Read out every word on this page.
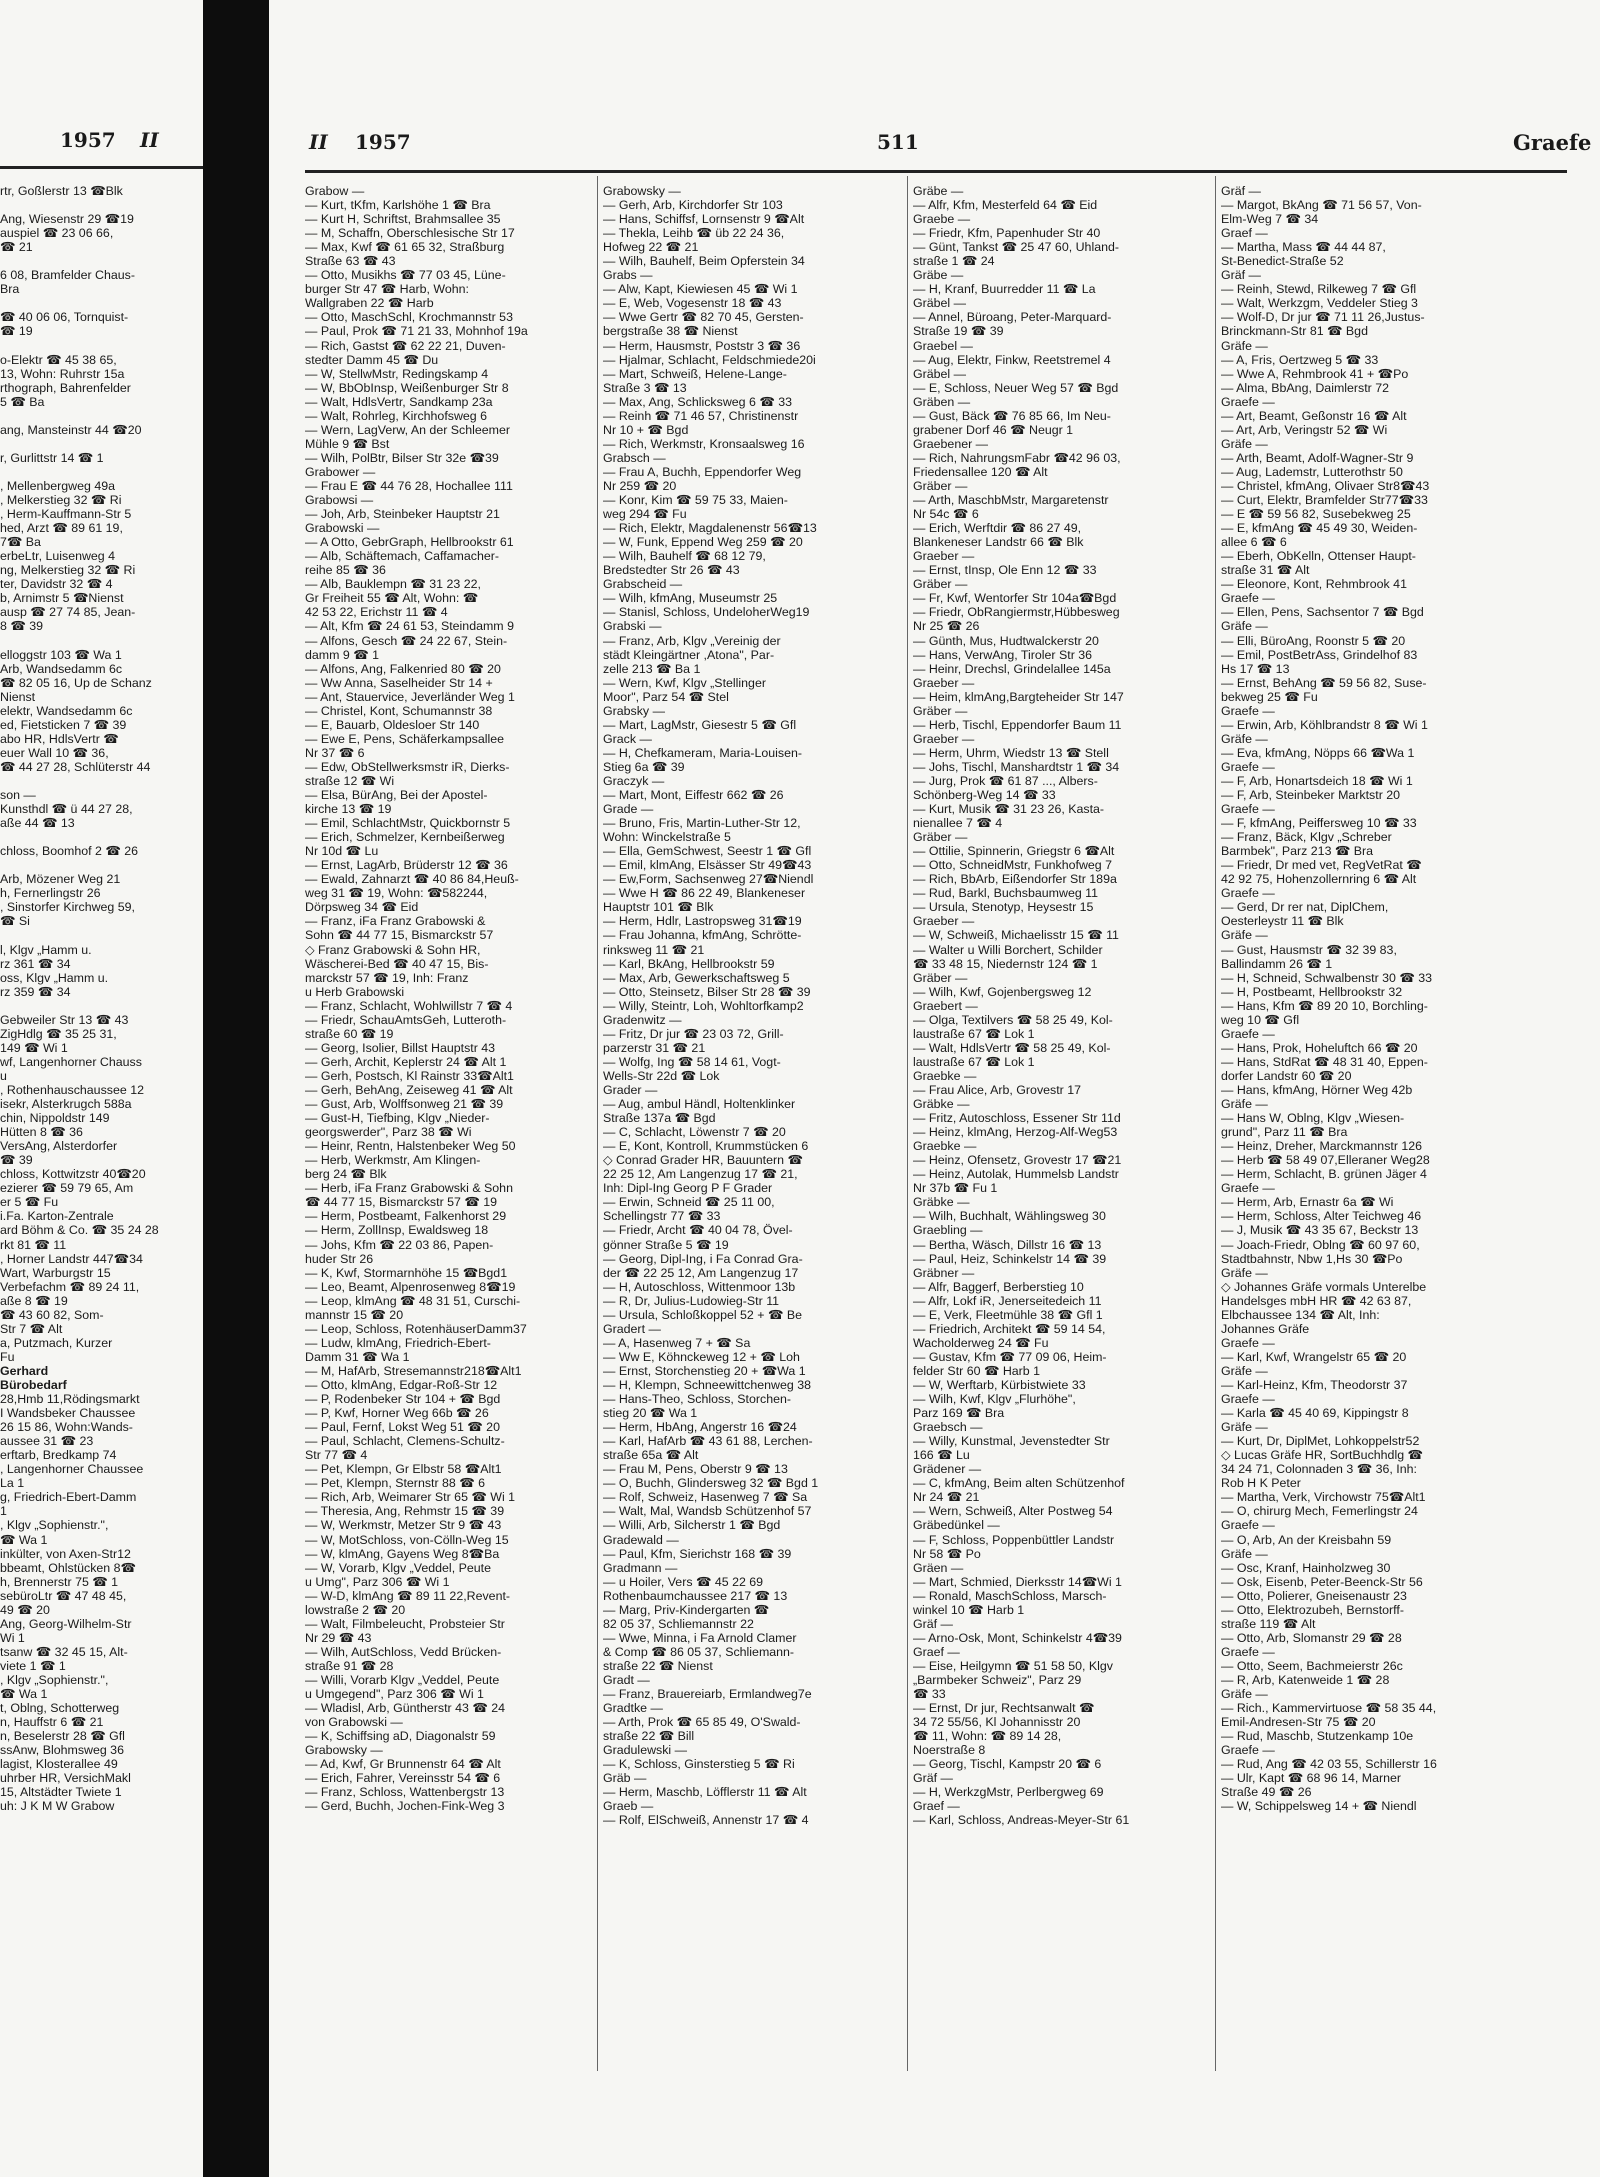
1957 II
rtr, Goßlerstr 13 ☎Blk

Ang, Wiesenstr 29 ☎19
auspiel ☎ 23 06 66,
☎ 21

6 08, Bramfelder Chaus-
Bra

☎ 40 06 06, Tornquist-
☎ 19

o-Elektr ☎ 45 38 65,
13, Wohn: Ruhrstr 15a
rthograph, Bahrenfelder
5 ☎ Ba

ang, Mansteinstr 44 ☎20

r, Gurlittstr 14 ☎ 1

, Mellenbergweg 49a
, Melkerstieg 32 ☎ Ri
, Herm-Kauffmann-Str 5
hed, Arzt ☎ 89 61 19,
7☎ Ba
erbeLtr, Luisenweg 4
ng, Melkerstieg 32 ☎ Ri
ter, Davidstr 32 ☎ 4
b, Arnimstr 5 ☎Nienst
ausp ☎ 27 74 85, Jean-
8 ☎ 39

elloggstr 103 ☎ Wa 1
Arb, Wandsedamm 6c
☎ 82 05 16, Up de Schanz
Nienst
elektr, Wandsedamm 6c
ed, Fietsticken 7 ☎ 39
abo HR, HdlsVertr ☎
euer Wall 10 ☎ 36,
☎ 44 27 28, Schlüterstr 44

son —
Kunsthdl ☎ ü 44 27 28,
aße 44 ☎ 13

chloss, Boomhof 2 ☎ 26

Arb, Mözener Weg 21
h, Fernerlingstr 26
, Sinstorfer Kirchweg 59,
☎ Si

l, Klgv „Hamm u.
rz 361 ☎ 34
oss, Klgv „Hamm u.
rz 359 ☎ 34

Gebweiler Str 13 ☎ 43
ZigHdlg ☎ 35 25 31,
149 ☎ Wi 1
wf, Langenhorner Chauss
u
, Rothenhauschaussee 12
isekr, Alsterkrugch 588a
chin, Nippoldstr 149
Hütten 8 ☎ 36
VersAng, Alsterdorfer
☎ 39
chloss, Kottwitzstr 40☎20
ezierer ☎ 59 79 65, Am
er 5 ☎ Fu
i.Fa. Karton-Zentrale
ard Böhm & Co. ☎ 35 24 28
rkt 81 ☎ 11
, Horner Landstr 447☎34
Wart, Warburgstr 15
Verbefachm ☎ 89 24 11,
aße 8 ☎ 19
☎ 43 60 82, Som-
Str 7 ☎ Alt
a, Putzmach, Kurzer
Fu
Gerhard
Bürobedarf
28,Hmb 11,Rödingsmarkt
I Wandsbeker Chaussee
26 15 86, Wohn:Wands-
aussee 31 ☎ 23
erftarb, Bredkamp 74
, Langenhorner Chaussee
La 1
g, Friedrich-Ebert-Damm
1
, Klgv „Sophienstr.",
☎ Wa 1
inkülter, von Axen-Str12
bbeamt, Ohlstücken 8☎
h, Brennerstr 75 ☎ 1
sebüroLtr ☎ 47 48 45,
49 ☎ 20
Ang, Georg-Wilhelm-Str
Wi 1
tsanw ☎ 32 45 15, Alt-
viete 1 ☎ 1
, Klgv „Sophienstr.",
☎ Wa 1
t, Oblng, Schotterweg
n, Hauffstr 6 ☎ 21
n, Beselerstr 28 ☎ Gfl
ssAnw, Blohmsweg 36
lagist, Klosterallee 49
uhrber HR, VersichMakl
15, Altstädter Twiete 1
uh: J K M W Grabow
II 1957	511	Graefe
Grabow —
— Kurt, tKfm, Karlshöhe 1 ☎ Bra
— Kurt H, Schriftst, Brahmsallee 35
— M, Schaffn, Oberschlesische Str 17
— Max, Kwf ☎ 61 65 32, Straßburg
Straße 63 ☎ 43
— Otto, Musikhs ☎ 77 03 45, Lüne-
burger Str 47 ☎ Harb, Wohn:
Wallgraben 22 ☎ Harb
— Otto, MaschSchl, Krochmannstr 53
— Paul, Prok ☎ 71 21 33, Mohnhof 19a
— Rich, Gastst ☎ 62 22 21, Duven-
stedter Damm 45 ☎ Du
— W, StellwMstr, Redingskamp 4
— W, BbObInsp, Weißenburger Str 8
— Walt, HdlsVertr, Sandkamp 23a
— Walt, Rohrleg, Kirchhofsweg 6
— Wern, LagVerw, An der Schleemer
Mühle 9 ☎ Bst
— Wilh, PolBtr, Bilser Str 32e ☎39
Grabower —
— Frau E ☎ 44 76 28, Hochallee 111
Grabowsi —
— Joh, Arb, Steinbeker Hauptstr 21
Grabowski —
— A Otto, GebrGraph, Hellbrookstr 61
— Alb, Schäftemach, Caffamacher-
reihe 85 ☎ 36
— Alb, Bauklempn ☎ 31 23 22,
Gr Freiheit 55 ☎ Alt, Wohn: ☎
42 53 22, Erichstr 11 ☎ 4
— Alt, Kfm ☎ 24 61 53, Steindamm 9
— Alfons, Gesch ☎ 24 22 67, Stein-
damm 9 ☎ 1
— Alfons, Ang, Falkenried 80 ☎ 20
— Ww Anna, Saselheider Str 14 +
— Ant, Stauervice, Jeverländer Weg 1
— Christel, Kont, Schumannstr 38
— E, Bauarb, Oldesloer Str 140
— Ewe E, Pens, Schäferkampsallee
Nr 37 ☎ 6
— Edw, ObStellwerksmstr iR, Dierks-
straße 12 ☎ Wi
— Elsa, BürAng, Bei der Apostel-
kirche 13 ☎ 19
— Emil, SchlachtMstr, Quickbornstr 5
— Erich, Schmelzer, Kernbeißerweg
Nr 10d ☎ Lu
— Ernst, LagArb, Brüderstr 12 ☎ 36
— Ewald, Zahnarzt ☎ 40 86 84,Heuß-
weg 31 ☎ 19, Wohn: ☎582244,
Dörpsweg 34 ☎ Eid
— Franz, iFa Franz Grabowski &
Sohn ☎ 44 77 15, Bismarckstr 57
◇ Franz Grabowski & Sohn HR,
Wäscherei-Bed ☎ 40 47 15, Bis-
marckstr 57 ☎ 19, Inh: Franz
u Herb Grabowski
— Franz, Schlacht, Wohlwillstr 7 ☎ 4
— Friedr, SchauAmtsGeh, Lutteroth-
straße 60 ☎ 19
— Georg, Isolier, Billst Hauptstr 43
— Gerh, Archit, Keplerstr 24 ☎ Alt 1
— Gerh, Postsch, Kl Rainstr 33☎Alt1
— Gerh, BehAng, Zeiseweg 41 ☎ Alt
— Gust, Arb, Wolffsonweg 21 ☎ 39
— Gust-H, Tiefbing, Klgv „Nieder-
georgswerder", Parz 38 ☎ Wi
— Heinr, Rentn, Halstenbeker Weg 50
— Herb, Werkmstr, Am Klingen-
berg 24 ☎ Blk
— Herb, iFa Franz Grabowski & Sohn
☎ 44 77 15, Bismarckstr 57 ☎ 19
— Herm, Postbeamt, Falkenhorst 29
— Herm, ZollInsp, Ewaldsweg 18
— Johs, Kfm ☎ 22 03 86, Papen-
huder Str 26
— K, Kwf, Stormarnhöhe 15 ☎Bgd1
— Leo, Beamt, Alpenrosenweg 8☎19
— Leop, klmAng ☎ 48 31 51, Curschi-
mannstr 15 ☎ 20
— Leop, Schloss, RotenhäuserDamm37
— Ludw, klmAng, Friedrich-Ebert-
Damm 31 ☎ Wa 1
— M, HafArb, Stresemannstr218☎Alt1
— Otto, klmAng, Edgar-Roß-Str 12
— P, Rodenbeker Str 104 + ☎ Bgd
— P, Kwf, Horner Weg 66b ☎ 26
— Paul, Fernf, Lokst Weg 51 ☎ 20
— Paul, Schlacht, Clemens-Schultz-
Str 77 ☎ 4
— Pet, Klempn, Gr Elbstr 58 ☎Alt1
— Pet, Klempn, Sternstr 88 ☎ 6
— Rich, Arb, Weimarer Str 65 ☎ Wi 1
— Theresia, Ang, Rehmstr 15 ☎ 39
— W, Werkmstr, Metzer Str 9 ☎ 43
— W, MotSchloss, von-Cölln-Weg 15
— W, klmAng, Gayens Weg 8☎Ba
— W, Vorarb, Klgv „Veddel, Peute
u Umg", Parz 306 ☎ Wi 1
— W-D, klmAng ☎ 89 11 22,Revent-
lowstraße 2 ☎ 20
— Walt, Filmbeleucht, Probsteier Str
Nr 29 ☎ 43
— Wilh, AutSchloss, Vedd Brücken-
straße 91 ☎ 28
— Willi, Vorarb Klgv „Veddel, Peute
u Umgegend", Parz 306 ☎ Wi 1
— Wladisl, Arb, Güntherstr 43 ☎ 24
von Grabowski —
— K, Schiffsing aD, Diagonalstr 59
Grabowsky —
— Ad, Kwf, Gr Brunnenstr 64 ☎ Alt
— Erich, Fahrer, Vereinsstr 54 ☎ 6
— Franz, Schloss, Wattenbergstr 13
— Gerd, Buchh, Jochen-Fink-Weg 3
Grabowsky —
— Gerh, Arb, Kirchdorfer Str 103
— Hans, Schiffsf, Lornsenstr 9 ☎Alt
— Thekla, Leihb ☎ üb 22 24 36,
Hofweg 22 ☎ 21
— Wilh, Bauhelf, Beim Opferstein 34
Grabs —
— Alw, Kapt, Kiewiesen 45 ☎ Wi 1
— E, Web, Vogesenstr 18 ☎ 43
— Wwe Gertr ☎ 82 70 45, Gersten-
bergstraße 38 ☎ Nienst
— Herm, Hausmstr, Poststr 3 ☎ 36
— Hjalmar, Schlacht, Feldschmiede20i
— Mart, Schweiß, Helene-Lange-
Straße 3 ☎ 13
— Max, Ang, Schlicksweg 6 ☎ 33
— Reinh ☎ 71 46 57, Christinenstr
Nr 10 + ☎ Bgd
— Rich, Werkmstr, Kronsaalsweg 16
Grabsch —
— Frau A, Buchh, Eppendorfer Weg
Nr 259 ☎ 20
— Konr, Kim ☎ 59 75 33, Maien-
weg 294 ☎ Fu
— Rich, Elektr, Magdalenenstr 56☎13
— W, Funk, Eppend Weg 259 ☎ 20
— Wilh, Bauhelf ☎ 68 12 79,
Bredstedter Str 26 ☎ 43
Grabscheid —
— Wilh, kfmAng, Museumstr 25
— Stanisl, Schloss, UndeloherWeg19
Grabski —
— Franz, Arb, Klgv „Vereinig der
städt Kleingärtner ,Atona", Par-
zelle 213 ☎ Ba 1
— Wern, Kwf, Klgv „Stellinger
Moor", Parz 54 ☎ Stel
Grabsky —
— Mart, LagMstr, Giesestr 5 ☎ Gfl
Grack —
— H, Chefkameram, Maria-Louisen-
Stieg 6a ☎ 39
Graczyk —
— Mart, Mont, Eiffestr 662 ☎ 26
Grade —
— Bruno, Fris, Martin-Luther-Str 12,
Wohn: Winckelstraße 5
— Ella, GemSchwest, Seestr 1 ☎ Gfl
— Emil, klmAng, Elsässer Str 49☎43
— Ew,Form, Sachsenweg 27☎Niendl
— Wwe H ☎ 86 22 49, Blankeneser
Hauptstr 101 ☎ Blk
— Herm, Hdlr, Lastropsweg 31☎19
— Frau Johanna, kfmAng, Schrötte-
rinksweg 11 ☎ 21
— Karl, BkAng, Hellbrookstr 59
— Max, Arb, Gewerkschaftsweg 5
— Otto, Steinsetz, Bilser Str 28 ☎ 39
— Willy, Steintr, Loh, Wohltorfkamp2
Gradenwitz —
— Fritz, Dr jur ☎ 23 03 72, Grill-
parzerstr 31 ☎ 21
— Wolfg, Ing ☎ 58 14 61, Vogt-
Wells-Str 22d ☎ Lok
Grader —
— Aug, ambul Händl, Holtenklinker
Straße 137a ☎ Bgd
— C, Schlacht, Löwenstr 7 ☎ 20
— E, Kont, Kontroll, Krummstücken 6
◇ Conrad Grader HR, Bauuntern ☎
22 25 12, Am Langenzug 17 ☎ 21,
Inh: Dipl-Ing Georg P F Grader
— Erwin, Schneid ☎ 25 11 00,
Schellingstr 77 ☎ 33
— Friedr, Archt ☎ 40 04 78, Övel-
gönner Straße 5 ☎ 19
— Georg, Dipl-Ing, i Fa Conrad Gra-
der ☎ 22 25 12, Am Langenzug 17
— H, Autoschloss, Wittenmoor 13b
— R, Dr, Julius-Ludowieg-Str 11
— Ursula, Schloßkoppel 52 + ☎ Be
Gradert —
— A, Hasenweg 7 + ☎ Sa
— Ww E, Köhnckeweg 12 + ☎ Loh
— Ernst, Storchenstieg 20 + ☎Wa 1
— H, Klempn, Schneewittchenweg 38
— Hans-Theo, Schloss, Storchen-
stieg 20 ☎ Wa 1
— Herm, HbAng, Angerstr 16 ☎24
— Karl, HafArb ☎ 43 61 88, Lerchen-
straße 65a ☎ Alt
— Frau M, Pens, Oberstr 9 ☎ 13
— O, Buchh, Glindersweg 32 ☎ Bgd 1
— Rolf, Schweiz, Hasenweg 7 ☎ Sa
— Walt, Mal, Wandsb Schützenhof 57
— Willi, Arb, Silcherstr 1 ☎ Bgd
Gradewald —
— Paul, Kfm, Sierichstr 168 ☎ 39
Gradmann —
— u Hoiler, Vers ☎ 45 22 69
Rothenbaumchaussee 217 ☎ 13
— Marg, Priv-Kindergarten ☎
82 05 37, Schliemannstr 22
— Wwe, Minna, i Fa Arnold Clamer
& Comp ☎ 86 05 37, Schliemann-
straße 22 ☎ Nienst
Gradt —
— Franz, Brauereiarb, Ermlandweg7e
Gradtke —
— Arth, Prok ☎ 65 85 49, O'Swald-
straße 22 ☎ Bill
Gradulewski —
— K, Schloss, Ginsterstieg 5 ☎ Ri
Gräb —
— Herm, Maschb, Löfflerstr 11 ☎ Alt
Graeb —
— Rolf, ElSchweiß, Annenstr 17 ☎ 4
Gräbe —
— Alfr, Kfm, Mesterfeld 64 ☎ Eid
Graebe —
— Friedr, Kfm, Papenhuder Str 40
— Günt, Tankst ☎ 25 47 60, Uhland-
straße 1 ☎ 24
Gräbe —
— H, Kranf, Buurredder 11 ☎ La
Gräbel —
— Annel, Büroang, Peter-Marquard-
Straße 19 ☎ 39
Graebel —
— Aug, Elektr, Finkw, Reetstremel 4
Gräbel —
— E, Schloss, Neuer Weg 57 ☎ Bgd
Gräben —
— Gust, Bäck ☎ 76 85 66, Im Neu-
grabener Dorf 46 ☎ Neugr 1
Graebener —
— Rich, NahrungsmFabr ☎42 96 03,
Friedensallee 120 ☎ Alt
Gräber —
— Arth, MaschbMstr, Margaretenstr
Nr 54c ☎ 6
— Erich, Werftdir ☎ 86 27 49,
Blankeneser Landstr 66 ☎ Blk
Graeber —
— Ernst, tInsp, Ole Enn 12 ☎ 33
Gräber —
— Fr, Kwf, Wentorfer Str 104a☎Bgd
— Friedr, ObRangiermstr,Hübbesweg
Nr 25 ☎ 26
— Günth, Mus, Hudtwalckerstr 20
— Hans, VerwAng, Tiroler Str 36
— Heinr, Drechsl, Grindelallee 145a
Graeber —
— Heim, klmAng,Bargteheider Str 147
Gräber —
— Herb, Tischl, Eppendorfer Baum 11
Graeber —
— Herm, Uhrm, Wiedstr 13 ☎ Stell
— Johs, Tischl, Manshardtstr 1 ☎ 34
— Jurg, Prok ☎ 61 87 ..., Albers-
Schönberg-Weg 14 ☎ 33
— Kurt, Musik ☎ 31 23 26, Kasta-
nienallee 7 ☎ 4
Gräber —
— Ottilie, Spinnerin, Griegstr 6 ☎Alt
— Otto, SchneidMstr, Funkhofweg 7
— Rich, BbArb, Eißendorfer Str 189a
— Rud, Barkl, Buchsbaumweg 11
— Ursula, Stenotyp, Heysestr 15
Graeber —
— W, Schweiß, Michaelisstr 15 ☎ 11
— Walter u Willi Borchert, Schilder
☎ 33 48 15, Niedernstr 124 ☎ 1
Gräber —
— Wilh, Kwf, Gojenbergsweg 12
Graebert —
— Olga, Textilvers ☎ 58 25 49, Kol-
laustraße 67 ☎ Lok 1
— Walt, HdlsVertr ☎ 58 25 49, Kol-
laustraße 67 ☎ Lok 1
Graebke —
— Frau Alice, Arb, Grovestr 17
Gräbke —
— Fritz, Autoschloss, Essener Str 11d
— Heinz, klmAng, Herzog-Alf-Weg53
Graebke —
— Heinz, Ofensetz, Grovestr 17 ☎21
— Heinz, Autolak, Hummelsb Landstr
Nr 37b ☎ Fu 1
Gräbke —
— Wilh, Buchhalt, Wählingsweg 30
Graebling —
— Bertha, Wäsch, Dillstr 16 ☎ 13
— Paul, Heiz, Schinkelstr 14 ☎ 39
Gräbner —
— Alfr, Baggerf, Berberstieg 10
— Alfr, Lokf iR, Jenerseitedeich 11
— E, Verk, Fleetmühle 38 ☎ Gfl 1
— Friedrich, Architekt ☎ 59 14 54,
Wacholderweg 24 ☎ Fu
— Gustav, Kfm ☎ 77 09 06, Heim-
felder Str 60 ☎ Harb 1
— W, Werftarb, Kürbistwiete 33
— Wilh, Kwf, Klgv „Flurhöhe",
Parz 169 ☎ Bra
Graebsch —
— Willy, Kunstmal, Jevenstedter Str
166 ☎ Lu
Grädener —
— C, kfmAng, Beim alten Schützenhof
Nr 24 ☎ 21
— Wern, Schweiß, Alter Postweg 54
Gräbedünkel —
— F, Schloss, Poppenbüttler Landstr
Nr 58 ☎ Po
Gräen —
— Mart, Schmied, Dierksstr 14☎Wi 1
— Ronald, MaschSchloss, Marsch-
winkel 10 ☎ Harb 1
Gräf —
— Arno-Osk, Mont, Schinkelstr 4☎39
Graef —
— Eise, Heilgymn ☎ 51 58 50, Klgv
„Barmbeker Schweiz", Parz 29
☎ 33
— Ernst, Dr jur, Rechtsanwalt ☎
34 72 55/56, Kl Johannisstr 20
☎ 11, Wohn: ☎ 89 14 28,
Noerstraße 8
— Georg, Tischl, Kampstr 20 ☎ 6
Gräf —
— H, WerkzgMstr, Perlbergweg 69
Graef —
— Karl, Schloss, Andreas-Meyer-Str 61
Gräf —
— Margot, BkAng ☎ 71 56 57, Von-
Elm-Weg 7 ☎ 34
Graef —
— Martha, Mass ☎ 44 44 87,
St-Benedict-Straße 52
Gräf —
— Reinh, Stewd, Rilkeweg 7 ☎ Gfl
— Walt, Werkzgm, Veddeler Stieg 3
— Wolf-D, Dr jur ☎ 71 11 26,Justus-
Brinckmann-Str 81 ☎ Bgd
Gräfe —
— A, Fris, Oertzweg 5 ☎ 33
— Wwe A, Rehmbrook 41 + ☎Po
— Alma, BbAng, Daimlerstr 72
Graefe —
— Art, Beamt, Geßonstr 16 ☎ Alt
— Art, Arb, Veringstr 52 ☎ Wi
Gräfe —
— Arth, Beamt, Adolf-Wagner-Str 9
— Aug, Lademstr, Lutterothstr 50
— Christel, kfmAng, Olivaer Str8☎43
— Curt, Elektr, Bramfelder Str77☎33
— E ☎ 59 56 82, Susebekweg 25
— E, kfmAng ☎ 45 49 30, Weiden-
allee 6 ☎ 6
— Eberh, ObKelln, Ottenser Haupt-
straße 31 ☎ Alt
— Eleonore, Kont, Rehmbrook 41
Graefe —
— Ellen, Pens, Sachsentor 7 ☎ Bgd
Gräfe —
— Elli, BüroAng, Roonstr 5 ☎ 20
— Emil, PostBetrAss, Grindelhof 83
Hs 17 ☎ 13
— Ernst, BehAng ☎ 59 56 82, Suse-
bekweg 25 ☎ Fu
Graefe —
— Erwin, Arb, Köhlbrandstr 8 ☎ Wi 1
Gräfe —
— Eva, kfmAng, Nöpps 66 ☎Wa 1
Graefe —
— F, Arb, Honartsdeich 18 ☎ Wi 1
— F, Arb, Steinbeker Marktstr 20
Graefe —
— F, kfmAng, Peiffersweg 10 ☎ 33
— Franz, Bäck, Klgv „Schreber
Barmbek", Parz 213 ☎ Bra
— Friedr, Dr med vet, RegVetRat ☎
42 92 75, Hohenzollernring 6 ☎ Alt
Graefe —
— Gerd, Dr rer nat, DiplChem,
Oesterleystr 11 ☎ Blk
Gräfe —
— Gust, Hausmstr ☎ 32 39 83,
Ballindamm 26 ☎ 1
— H, Schneid, Schwalbenstr 30 ☎ 33
— H, Postbeamt, Hellbrookstr 32
— Hans, Kfm ☎ 89 20 10, Borchling-
weg 10 ☎ Gfl
Graefe —
— Hans, Prok, Hoheluftch 66 ☎ 20
— Hans, StdRat ☎ 48 31 40, Eppen-
dorfer Landstr 60 ☎ 20
— Hans, kfmAng, Hörner Weg 42b
Gräfe —
— Hans W, Oblng, Klgv „Wiesen-
grund", Parz 11 ☎ Bra
— Heinz, Dreher, Marckmannstr 126
— Herb ☎ 58 49 07,Elleraner Weg28
— Herm, Schlacht, B. grünen Jäger 4
Graefe —
— Herm, Arb, Ernastr 6a ☎ Wi
— Herm, Schloss, Alter Teichweg 46
— J, Musik ☎ 43 35 67, Beckstr 13
— Joach-Friedr, Oblng ☎ 60 97 60,
Stadtbahnstr, Nbw 1,Hs 30 ☎Po
Gräfe —
◇ Johannes Gräfe vormals Unterelbe
Handelsges mbH HR ☎ 42 63 87,
Elbchaussee 134 ☎ Alt, Inh:
Johannes Gräfe
Graefe —
— Karl, Kwf, Wrangelstr 65 ☎ 20
Gräfe —
— Karl-Heinz, Kfm, Theodorstr 37
Graefe —
— Karla ☎ 45 40 69, Kippingstr 8
Gräfe —
— Kurt, Dr, DiplMet, Lohkoppelstr52
◇ Lucas Gräfe HR, SortBuchhdlg ☎
34 24 71, Colonnaden 3 ☎ 36, Inh:
Rob H K Peter
— Martha, Verk, Virchowstr 75☎Alt1
— O, chirurg Mech, Femerlingstr 24
Graefe —
— O, Arb, An der Kreisbahn 59
Gräfe —
— Osc, Kranf, Hainholzweg 30
— Osk, Eisenb, Peter-Beenck-Str 56
— Otto, Polierer, Gneisenaustr 23
— Otto, Elektrozubeh, Bernstorff-
straße 119 ☎ Alt
— Otto, Arb, Slomanstr 29 ☎ 28
Graefe —
— Otto, Seem, Bachmeierstr 26c
— R, Arb, Katenweide 1 ☎ 28
Gräfe —
— Rich., Kammervirtuose ☎ 58 35 44,
Emil-Andresen-Str 75 ☎ 20
— Rud, Maschb, Stutzenkamp 10e
Graefe —
— Rud, Ang ☎ 42 03 55, Schillerstr 16
— Ulr, Kapt ☎ 68 96 14, Marner
Straße 49 ☎ 26
— W, Schippelsweg 14 + ☎ Niendl
